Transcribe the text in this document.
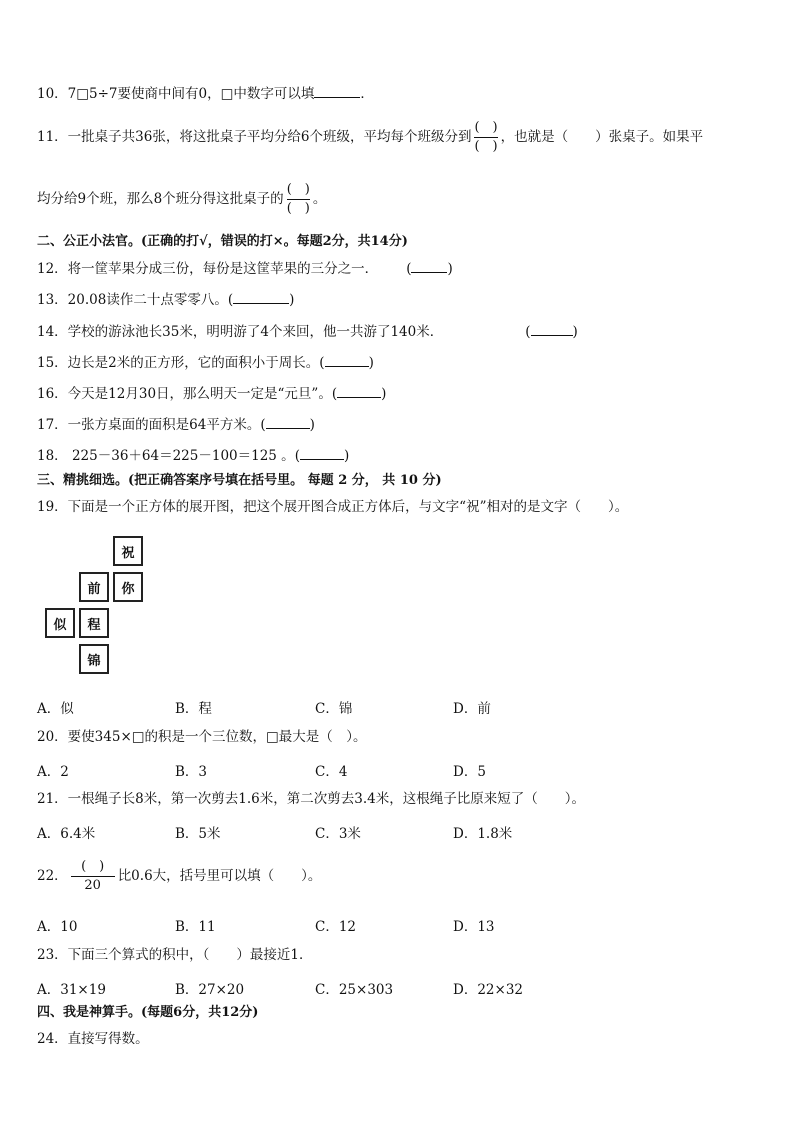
10．7□5÷7要使商中间有0，□中数字可以填	．
11．一批桌子共36张，将这批桌子平均分给6个班级，平均每个班级分到 $\frac{( )}{( )}$ ，也就是（　　）张桌子。如果平
均分给9个班，那么8个班分得这批桌子的 $\frac{( )}{( )}$ 。
二、公正小法官。(正确的打√，错误的打×。每题2分，共14分)
12．将一筐苹果分成三份，每份是这筐苹果的三分之一． (	)
13．20.08读作二十点零零八。(	)
14．学校的游泳池长35米，明明游了4个来回，他一共游了140米．	(	)
15．边长是2米的正方形，它的面积小于周长。(	)
16．今天是12月30日，那么明天一定是“元旦”。(	)
17．一张方桌面的面积是64平方米。(	)
18． 225－36＋64＝225－100＝125 。(	)
三、精挑细选。(把正确答案序号填在括号里。 每题 2 分， 共 10 分)
19．下面是一个正方体的展开图，把这个展开图合成正方体后，与文字“祝”相对的是文字（　　）。
祝
你
前
似	程
锦
A．似	B．程	C．锦	D．前
20．要使345×□的积是一个三位数，□最大是（　）。
A．2	B．3	C．4	D．5
21．一根绳子长8米，第一次剪去1.6米，第二次剪去3.4米，这根绳子比原来短了（　　）。
A．6.4米	B．5米	C．3米	D．1.8米
22． $\frac{( )}{20}$ 比0.6大，括号里可以填（　　）。
A．10	B．11	C．12	D．13
23．下面三个算式的积中，（　　）最接近1．
A．31×19	B．27×20	C．25×303	D．22×32
四、我是神算手。(每题6分，共12分)
24．直接写得数。
